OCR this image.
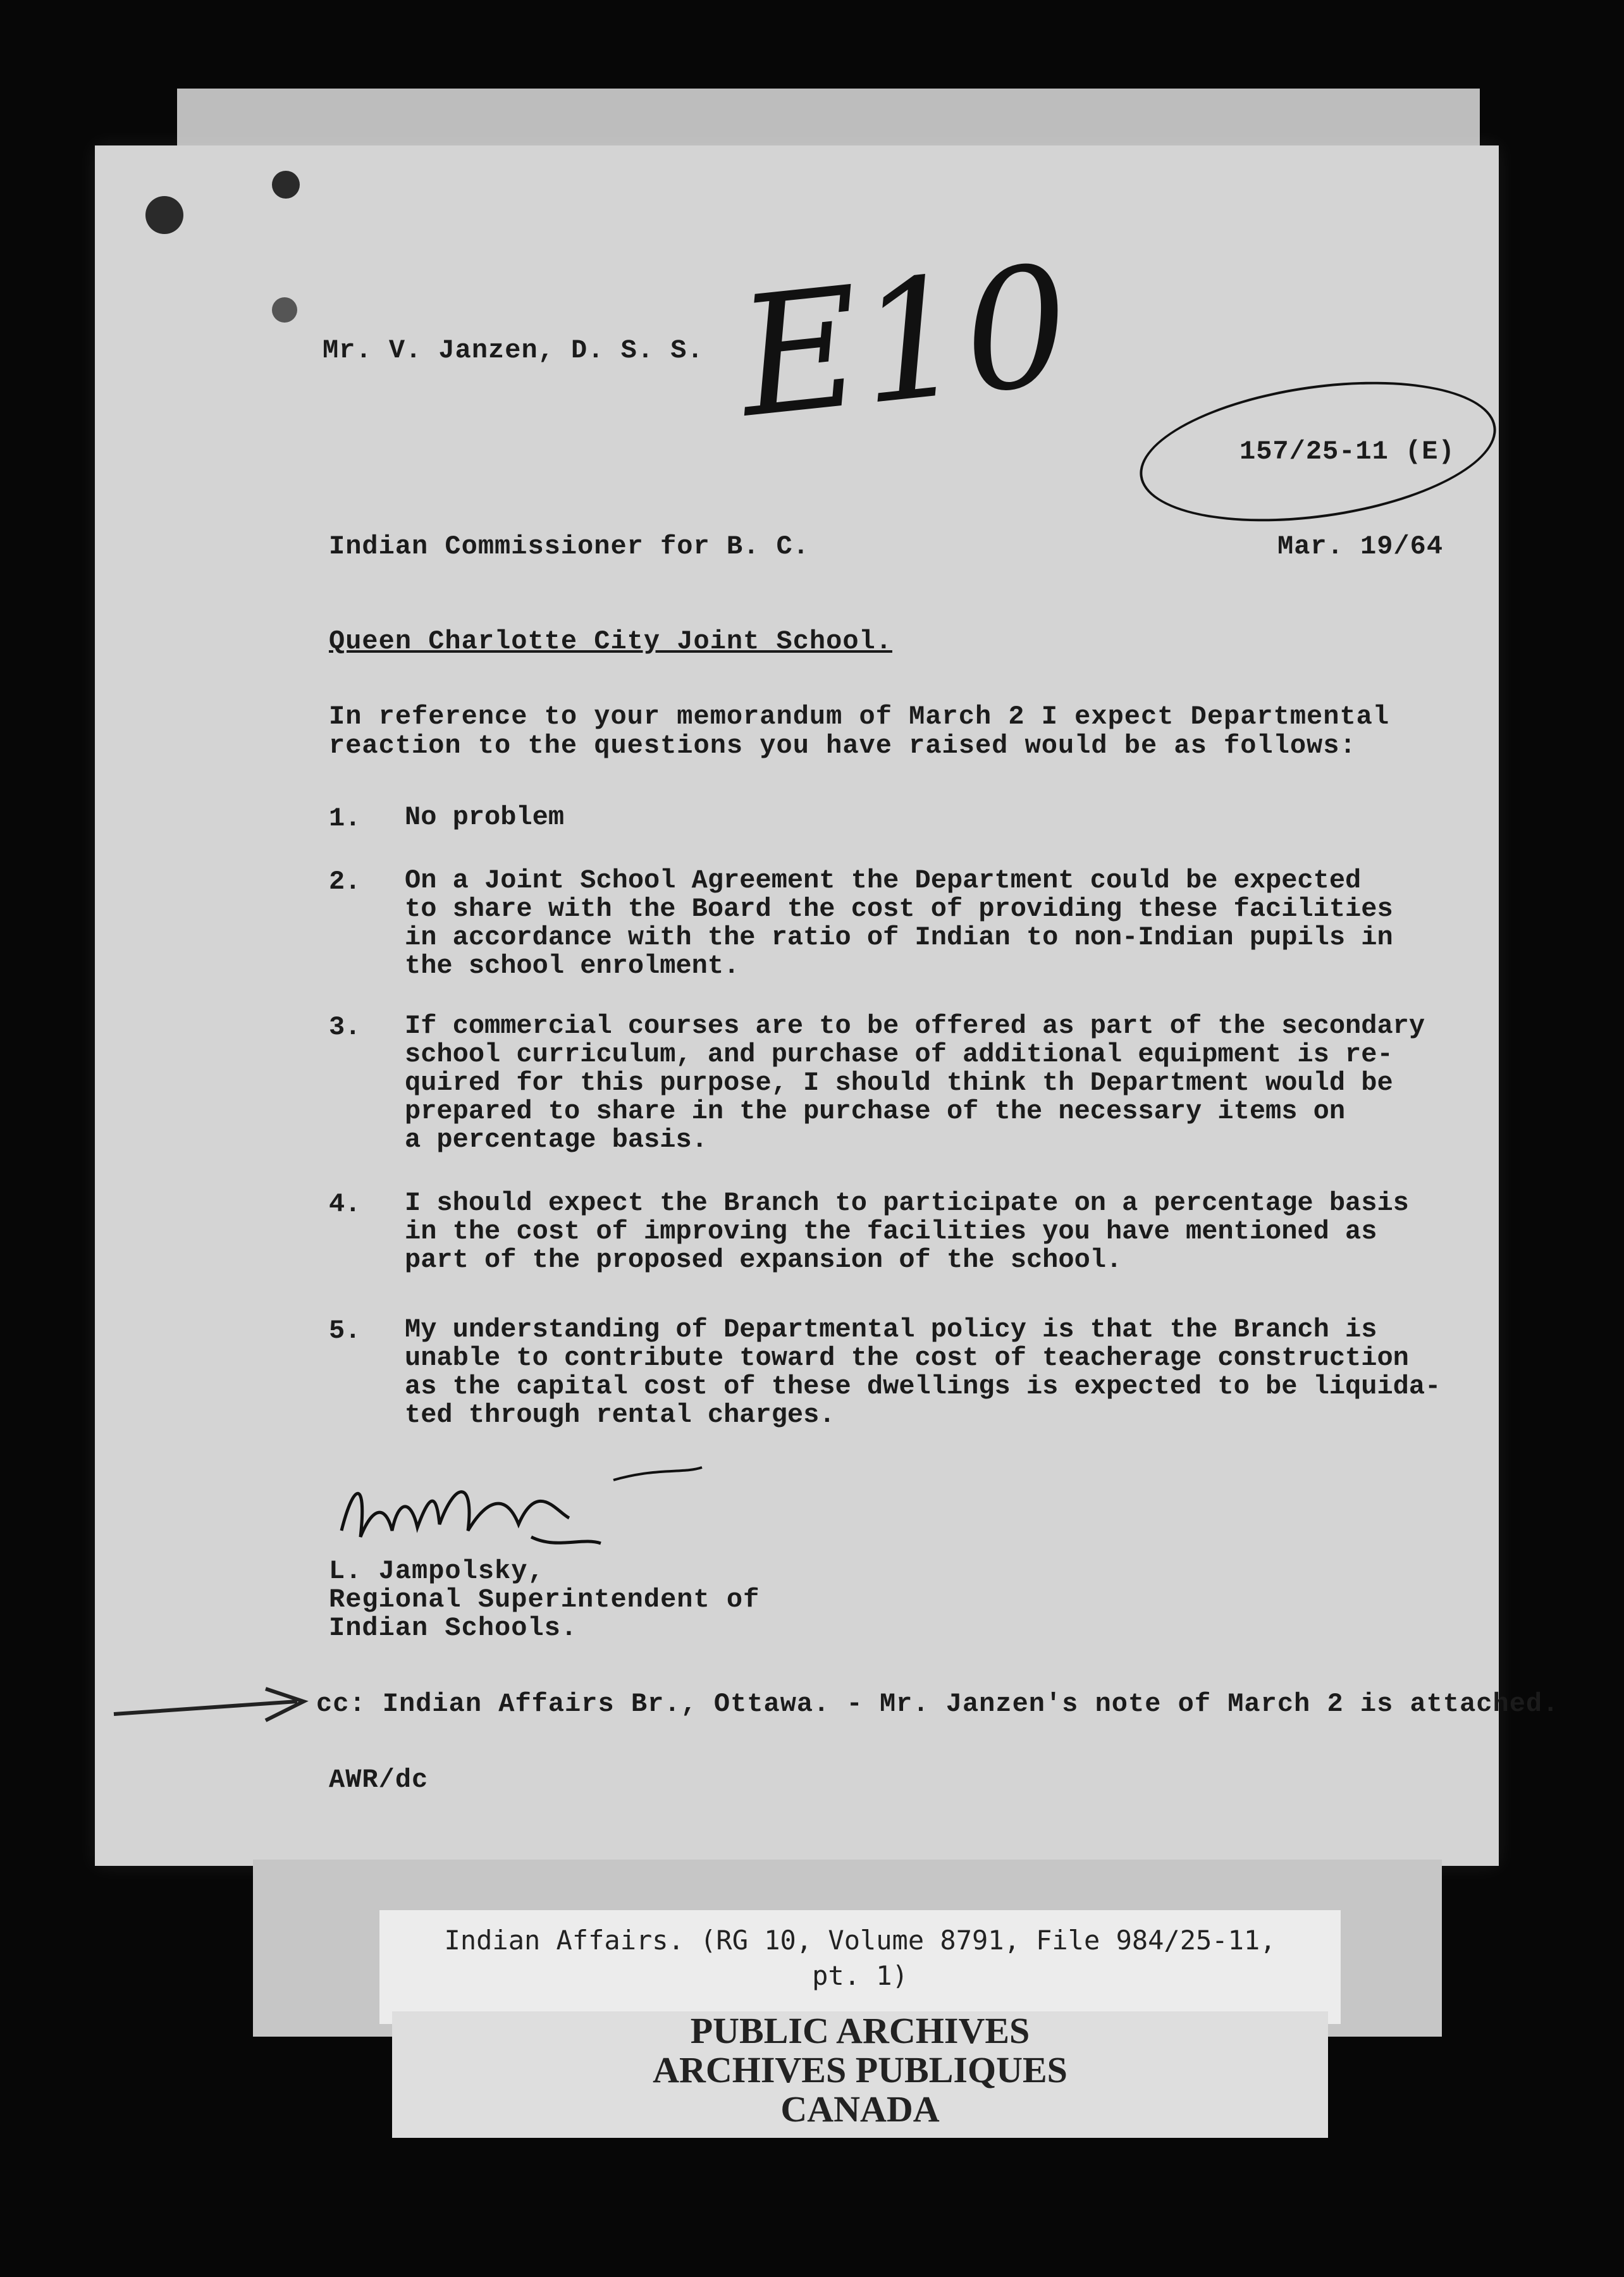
E10
Mr. V. Janzen, D. S. S.
157/25-11 (E)
Indian Commissioner for B. C.	Mar. 19/64
Queen Charlotte City Joint School.
In reference to your memorandum of March 2 I expect Departmental reaction to the questions you have raised would be as follows:
1. No problem
2. On a Joint School Agreement the Department could be expected
to share with the Board the cost of providing these facilities
in accordance with the ratio of Indian to non-Indian pupils in
the school enrolment.
3. If commercial courses are to be offered as part of the secondary
school curriculum, and purchase of additional equipment is re-
quired for this purpose, I should think th Department would be
prepared to share in the purchase of the necessary items on
a percentage basis.
4. I should expect the Branch to participate on a percentage basis
in the cost of improving the facilities you have mentioned as
part of the proposed expansion of the school.
5. My understanding of Departmental policy is that the Branch is
unable to contribute toward the cost of teacherage construction
as the capital cost of these dwellings is expected to be liquida-
ted through rental charges.
L. Jampolsky,
Regional Superintendent of
Indian Schools.
cc: Indian Affairs Br., Ottawa. - Mr. Janzen's note of March 2 is attached.
AWR/dc
Indian Affairs. (RG 10, Volume 8791, File 984/25-11,
pt. 1)
PUBLIC ARCHIVES
ARCHIVES PUBLIQUES
CANADA
